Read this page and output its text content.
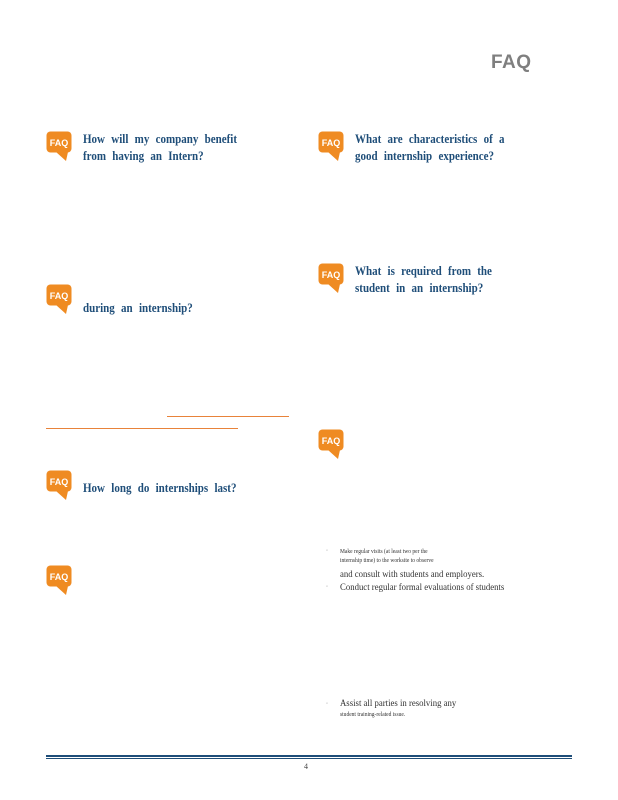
FAQ
FAQ	FAQ
FAQ
FAQ
FAQ
FAQ
FAQ
How will my company benefit
from having an Intern?
What are characteristics of a
good internship experience?
What is required from the
student in an internship?
during an internship?
How long do internships last?
◦ Make regular visits (at least two per the
internship time) to the worksite to observe
and consult with students and employers.
◦ Conduct regular formal evaluations of students
◦ Assist all parties in resolving any
student training-related issue.
4
